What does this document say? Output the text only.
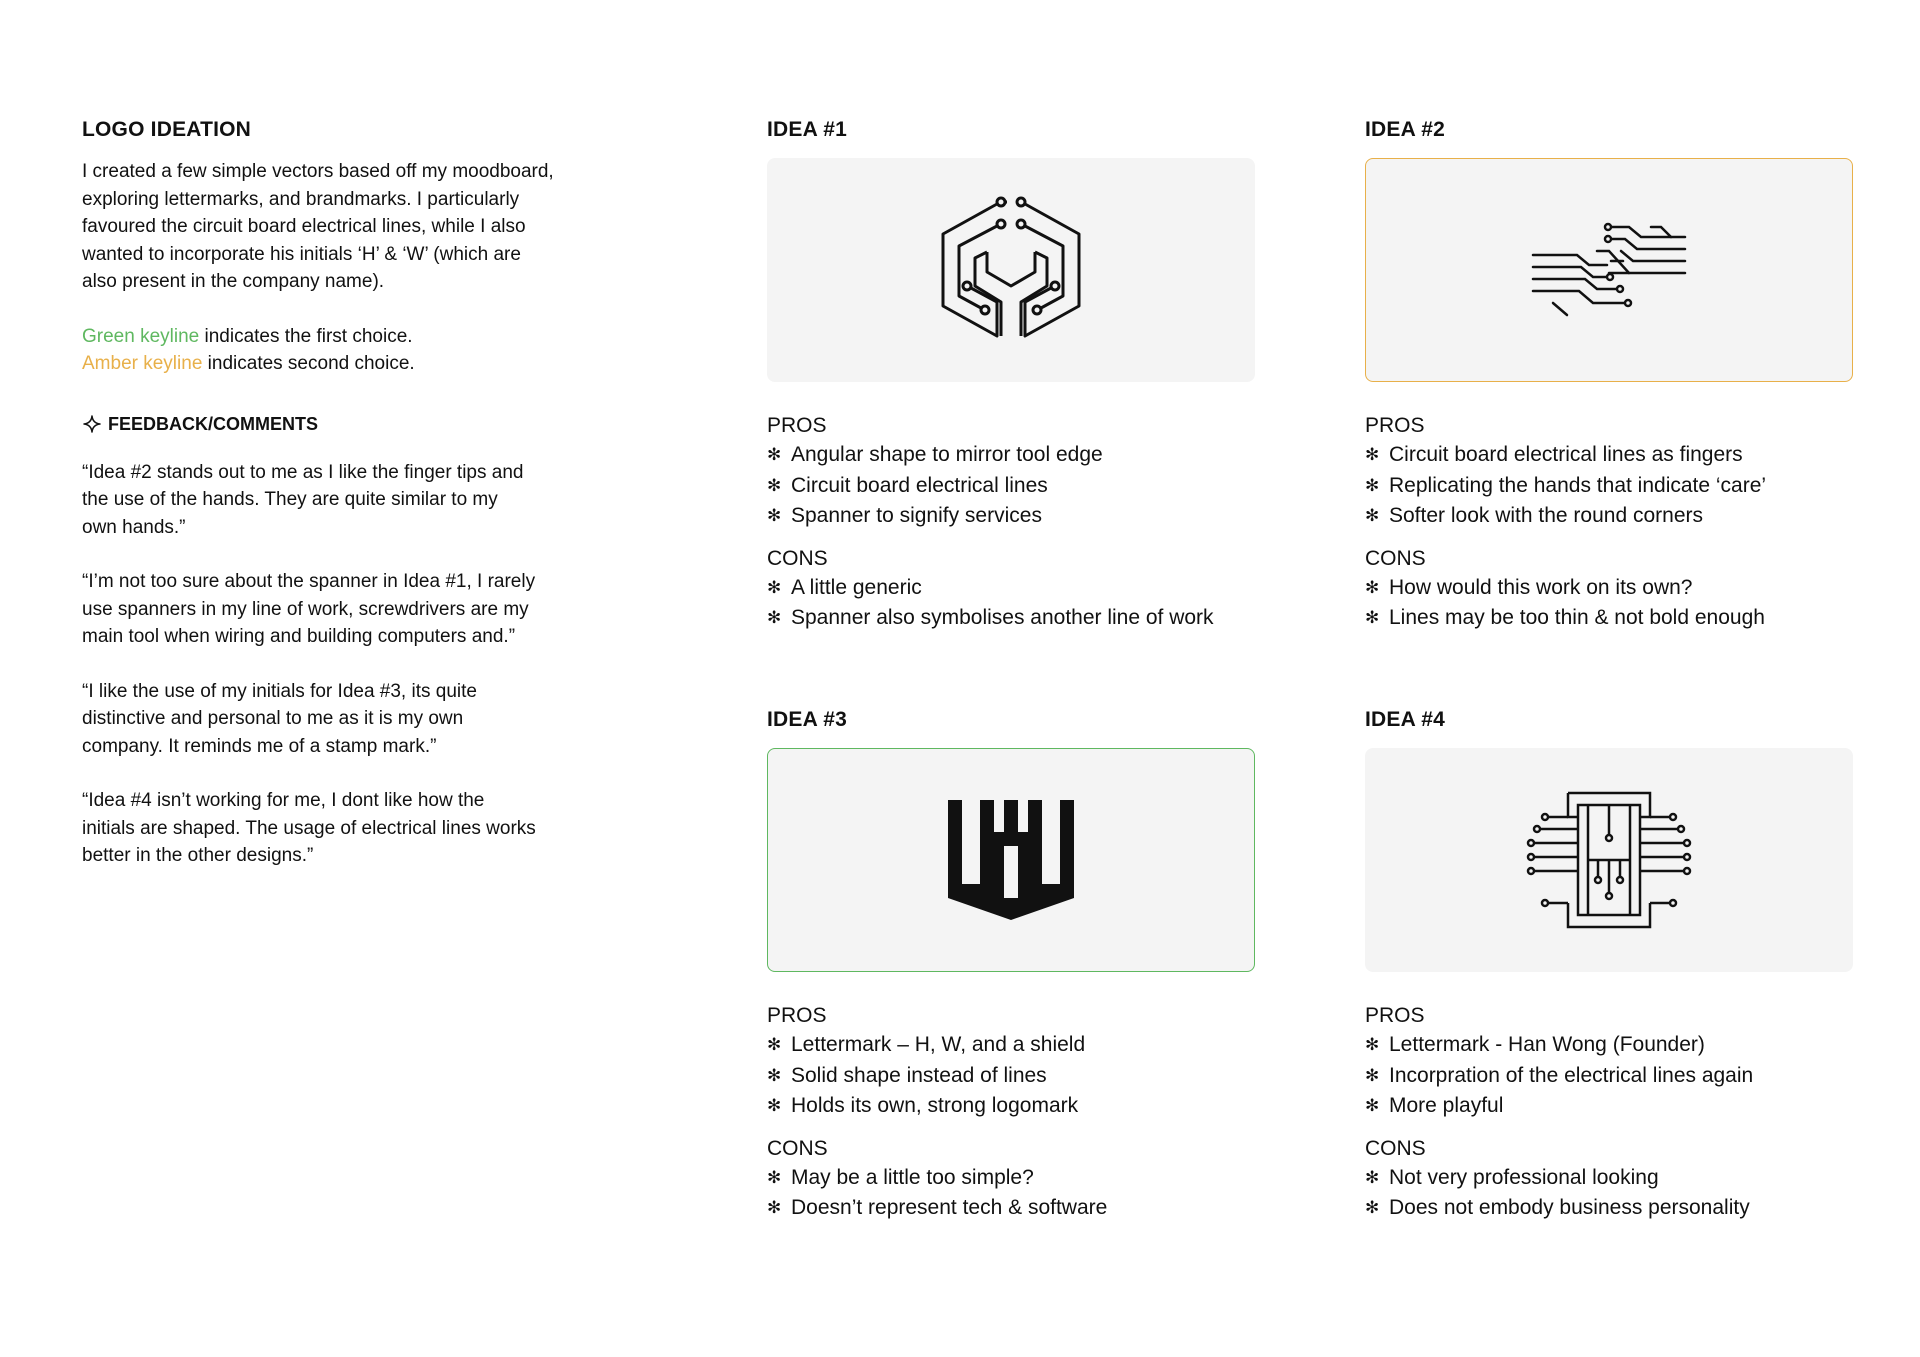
LOGO IDEATION

I created a few simple vectors based off my moodboard,
exploring lettermarks, and brandmarks. I particularly
favoured the circuit board electrical lines, while I also
wanted to incorporate his initials ‘H’ & ‘W’ (which are
also present in the company name).

Green keyline indicates the first choice.
Amber keyline indicates second choice.
FEEDBACK/COMMENTS

“Idea #2 stands out to me as I like the finger tips and
the use of the hands. They are quite similar to my
own hands.”

“I’m not too sure about the spanner in Idea #1, I rarely
use spanners in my line of work, screwdrivers are my
main tool when wiring and building computers and.”

“I like the use of my initials for Idea #3, its quite
distinctive and personal to me as it is my own
company. It reminds me of a stamp mark.”

“Idea #4 isn’t working for me, I dont like how the
initials are shaped. The usage of electrical lines works
better in the other designs.”

IDEA #1
PROS
✻ Angular shape to mirror tool edge
✻ Circuit board electrical lines
✻ Spanner to signify services
CONS
✻ A little generic
✻ Spanner also symbolises another line of work
IDEA #2
PROS
✻ Circuit board electrical lines as fingers
✻ Replicating the hands that indicate ‘care’
✻ Softer look with the round corners
CONS
✻ How would this work on its own?
✻ Lines may be too thin & not bold enough
IDEA #3
PROS
✻ Lettermark – H, W, and a shield
✻ Solid shape instead of lines
✻ Holds its own, strong logomark
CONS
✻ May be a little too simple?
✻ Doesn’t represent tech & software
IDEA #4
PROS
✻ Lettermark - Han Wong (Founder)
✻ Incorpration of the electrical lines again
✻ More playful
CONS
✻ Not very professional looking
✻ Does not embody business personality
